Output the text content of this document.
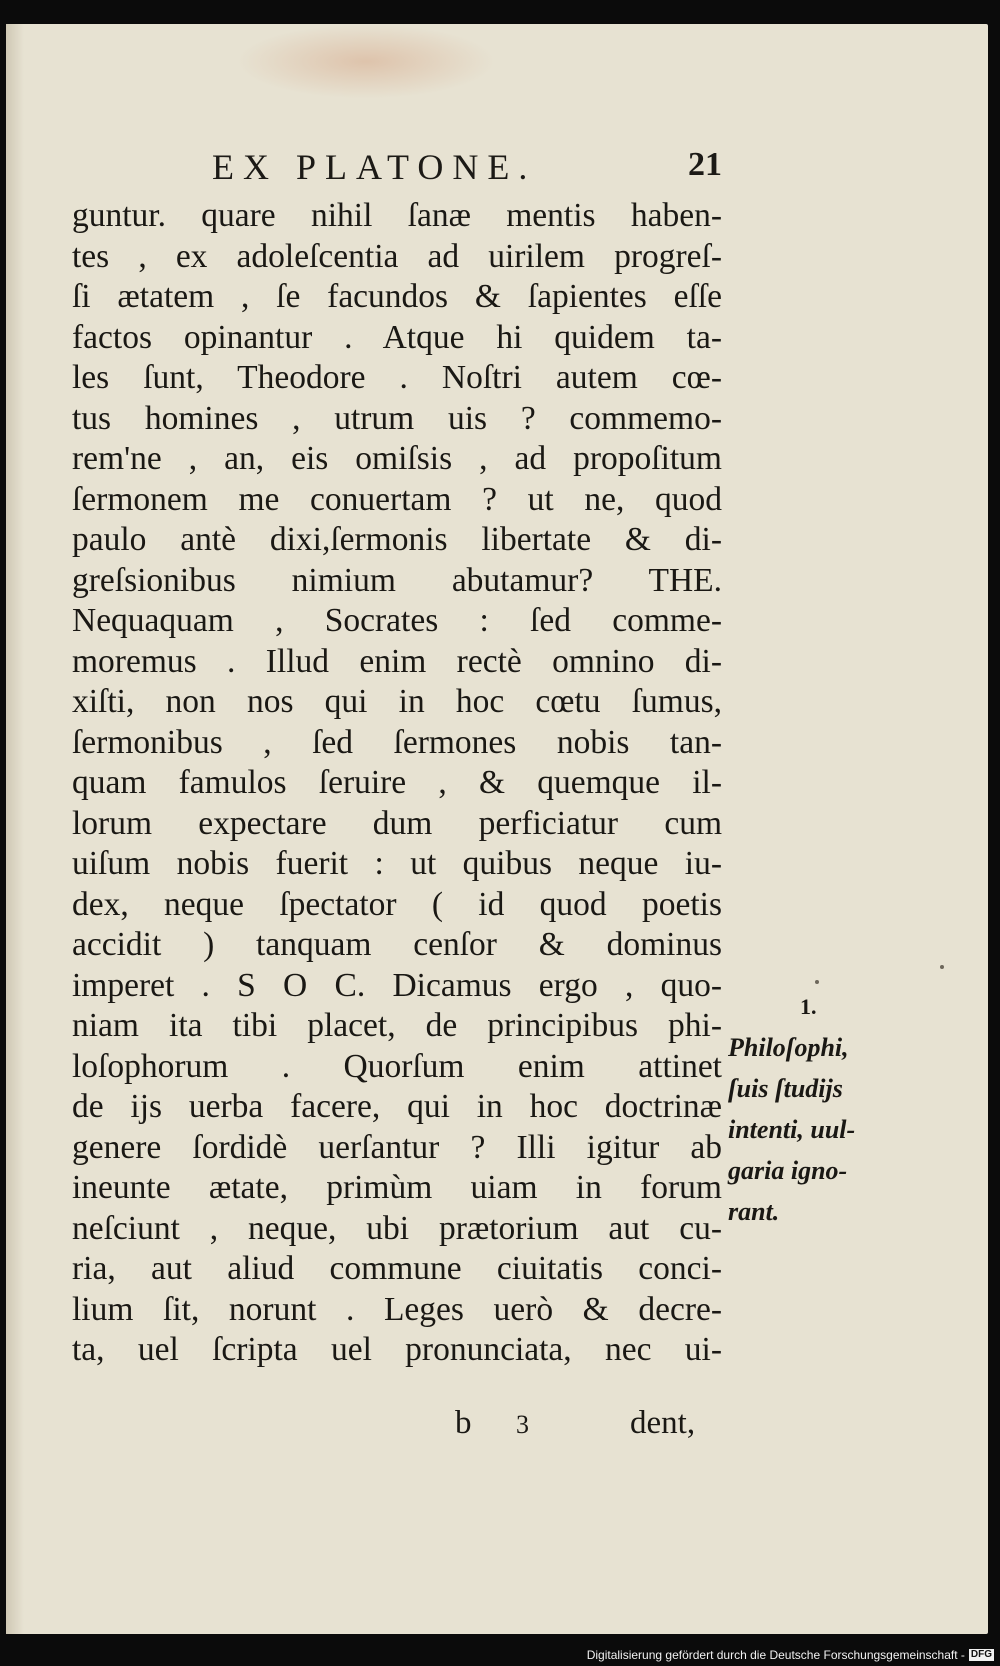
EX PLATONE.	21
guntur. quare nihil ſanæ mentis haben-
tes , ex adoleſcentia ad uirilem progreſ-
ſi ætatem , ſe facundos & ſapientes eſſe
factos opinantur . Atque hi quidem ta-
les ſunt, Theodore . Noſtri autem cœ-
tus homines , utrum uis ? commemo-
rem'ne , an, eis omiſsis , ad propoſitum
ſermonem me conuertam ? ut ne, quod
paulo antè dixi,ſermonis libertate & di-
greſsionibus nimium abutamur? THE.
Nequaquam , Socrates : ſed comme-
moremus . Illud enim rectè omnino di-
xiſti, non nos qui in hoc cœtu ſumus,
ſermonibus , ſed ſermones nobis tan-
quam famulos ſeruire , & quemque il-
lorum expectare dum perficiatur cum
uiſum nobis fuerit : ut quibus neque iu-
dex, neque ſpectator ( id quod poetis
accidit ) tanquam cenſor & dominus
imperet . S O C. Dicamus ergo , quo-
niam ita tibi placet, de principibus phi-
loſophorum . Quorſum enim attinet
de ijs uerba facere, qui in hoc doctrinæ
genere ſordidè uerſantur ? Illi igitur ab
ineunte ætate, primùm uiam in forum
neſciunt , neque, ubi prætorium aut cu-
ria, aut aliud commune ciuitatis conci-
lium ſit, norunt . Leges uerò & decre-
ta, uel ſcripta uel pronunciata, nec ui-
1.
Philoſophi,
ſuis ſtudijs
intenti, uul-
garia igno-
rant.
b 3	dent,
Digitalisierung gefördert durch die Deutsche Forschungsgemeinschaft - DFG
